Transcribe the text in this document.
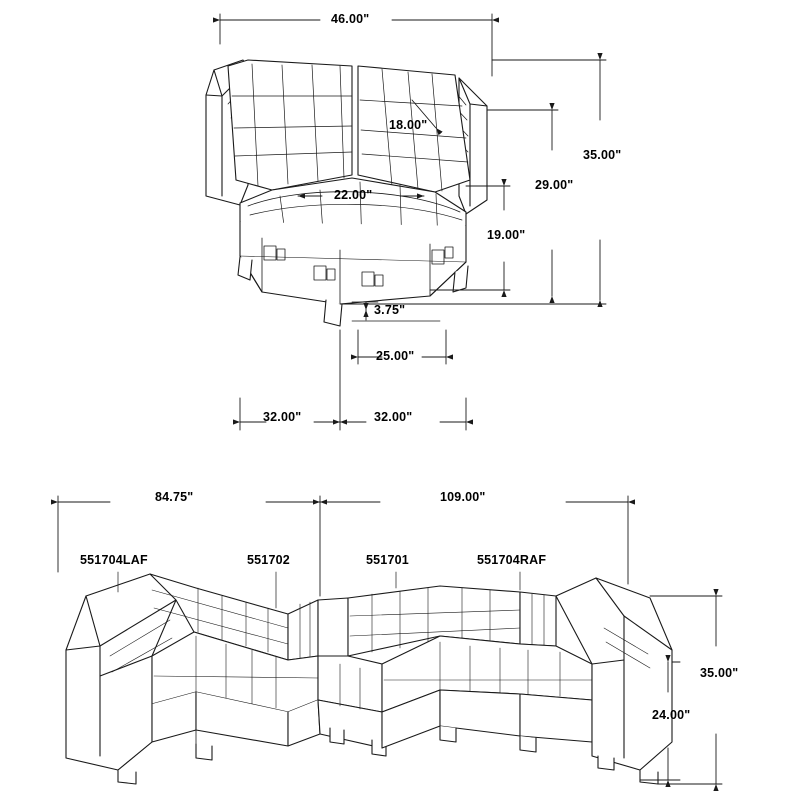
46.00"
18.00"
22.00"
35.00"
29.00"
19.00"
3.75"
25.00"
32.00"	32.00"
84.75"	109.00"
35.00"
24.00"
551704LAF	551702	551701	551704RAF
